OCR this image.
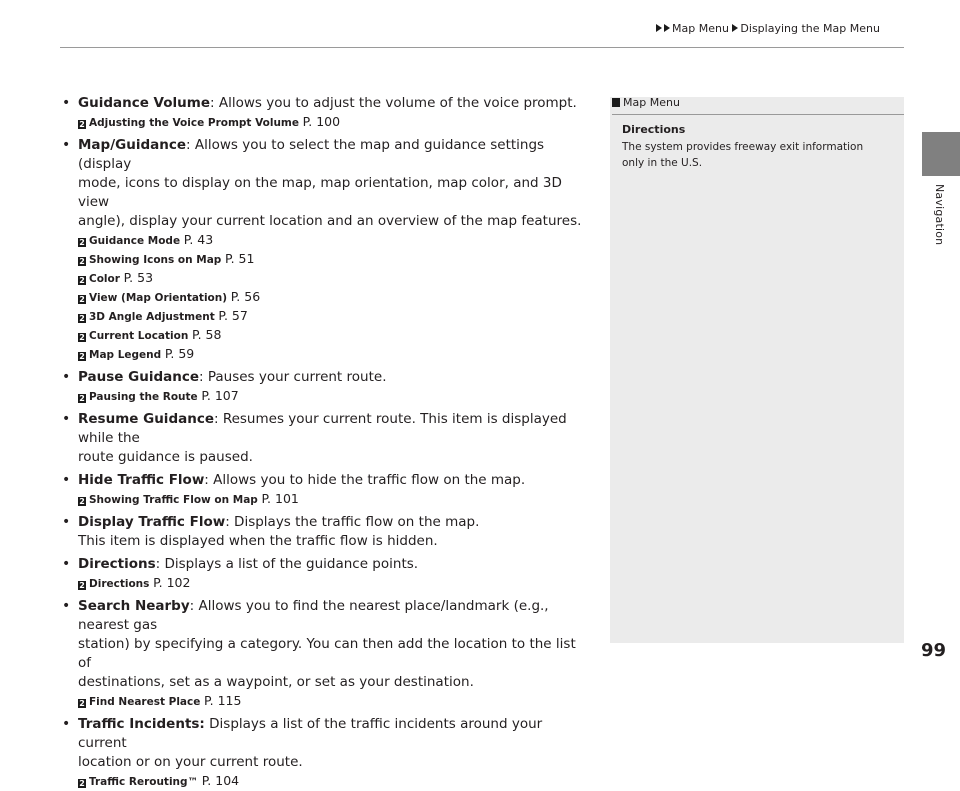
Map Menu Displaying the Map Menu
Navigation
• Guidance Volume: Allows you to adjust the volume of the voice prompt.
2 Adjusting the Voice Prompt Volume P. 100
• Map/Guidance: Allows you to select the map and guidance settings (display
mode, icons to display on the map, map orientation, map color, and 3D view
angle), display your current location and an overview of the map features.
2 Guidance Mode P. 43
2 Showing Icons on Map P. 51
2 Color P. 53
2 View (Map Orientation) P. 56
2 3D Angle Adjustment P. 57
2 Current Location P. 58
2 Map Legend P. 59
• Pause Guidance: Pauses your current route.
2 Pausing the Route P. 107
• Resume Guidance: Resumes your current route. This item is displayed while the
route guidance is paused.
• Hide Traffic Flow: Allows you to hide the traffic flow on the map.
2 Showing Traffic Flow on Map P. 101
• Display Traffic Flow: Displays the traffic flow on the map.
This item is displayed when the traffic flow is hidden.
• Directions: Displays a list of the guidance points.
2 Directions P. 102
• Search Nearby: Allows you to find the nearest place/landmark (e.g., nearest gas
station) by specifying a category. You can then add the location to the list of
destinations, set as a waypoint, or set as your destination.
2 Find Nearest Place P. 115
• Traffic Incidents: Displays a list of the traffic incidents around your current
location or on your current route.
2 Traffic Rerouting™ P. 104
Map Menu
Directions
The system provides freeway exit information only in the U.S.
99
